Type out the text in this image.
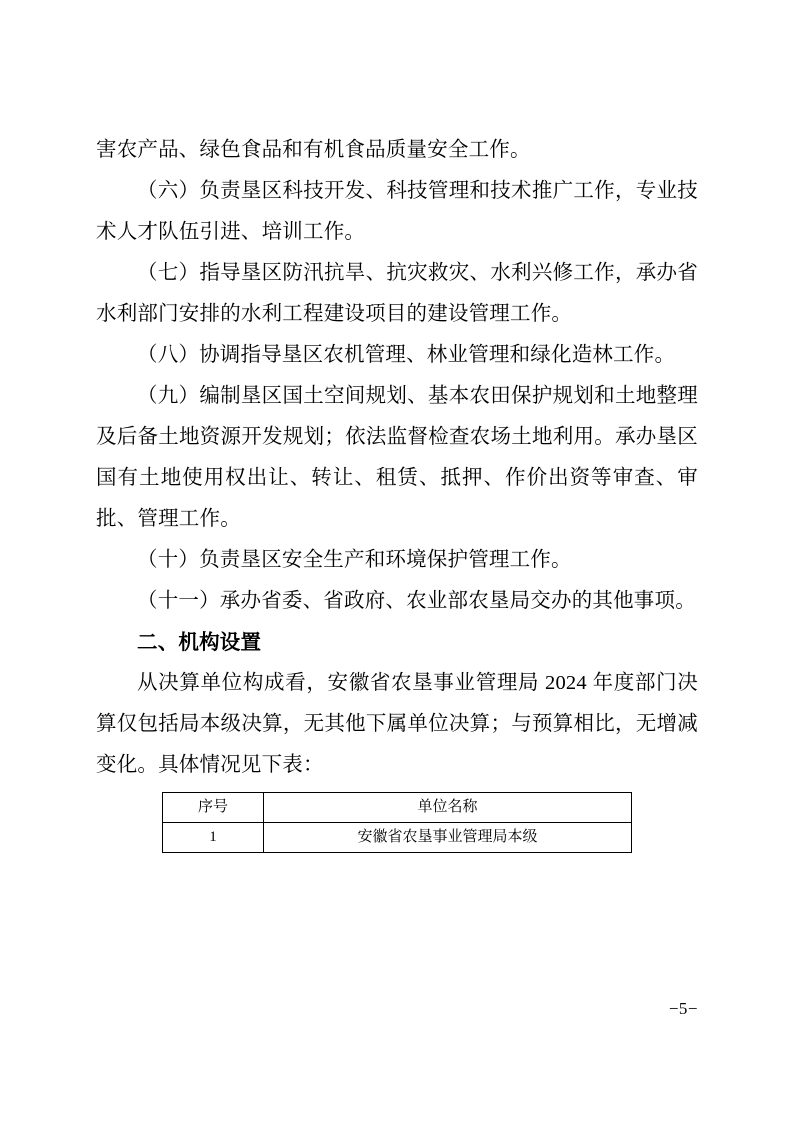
害农产品、绿色食品和有机食品质量安全工作。

（六）负责垦区科技开发、科技管理和技术推广工作，专业技术人才队伍引进、培训工作。

（七）指导垦区防汛抗旱、抗灾救灾、水利兴修工作，承办省水利部门安排的水利工程建设项目的建设管理工作。

（八）协调指导垦区农机管理、林业管理和绿化造林工作。

（九）编制垦区国土空间规划、基本农田保护规划和土地整理及后备土地资源开发规划；依法监督检查农场土地利用。承办垦区国有土地使用权出让、转让、租赁、抵押、作价出资等审查、审批、管理工作。

（十）负责垦区安全生产和环境保护管理工作。

（十一）承办省委、省政府、农业部农垦局交办的其他事项。

二、机构设置

从决算单位构成看，安徽省农垦事业管理局 2024 年度部门决算仅包括局本级决算，无其他下属单位决算；与预算相比，无增减变化。具体情况见下表：

序号	单位名称
1	安徽省农垦事业管理局本级
−5−
